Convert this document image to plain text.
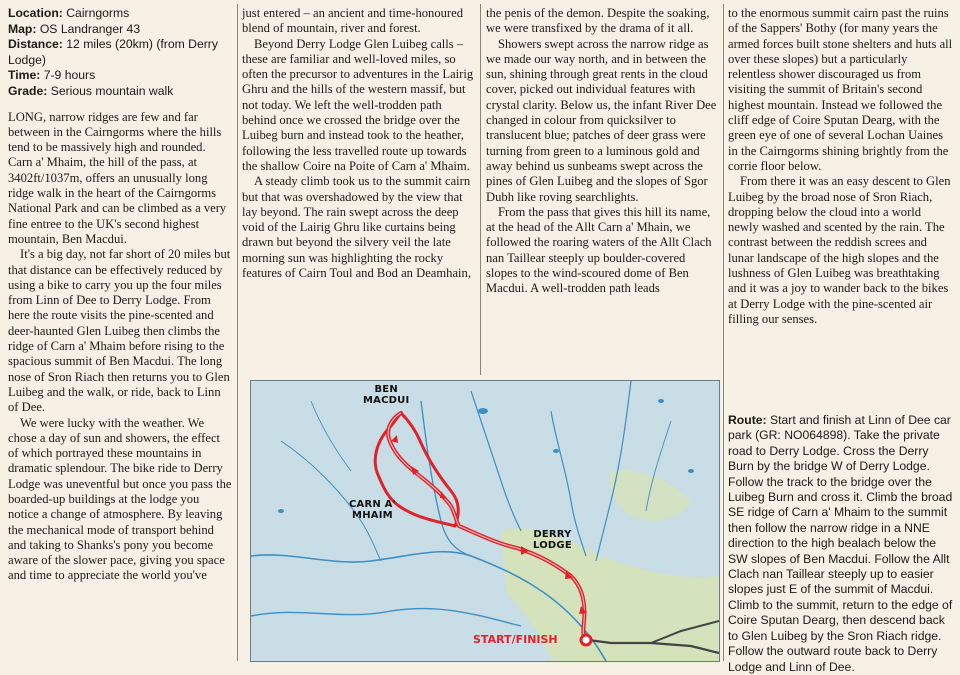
Location: Cairngorms
Map: OS Landranger 43
Distance: 12 miles (20km) (from Derry Lodge)
Time: 7-9 hours
Grade: Serious mountain walk

LONG, narrow ridges are few and far between in the Cairngorms where the hills tend to be massively high and rounded. Carn a' Mhaim, the hill of the pass, at 3402ft/1037m, offers an unusually long ridge walk in the heart of the Cairngorms National Park and can be climbed as a very fine entree to the UK's second highest mountain, Ben Macdui.

It's a big day, not far short of 20 miles but that distance can be effectively reduced by using a bike to carry you up the four miles from Linn of Dee to Derry Lodge. From here the route visits the pine-scented and deer-haunted Glen Luibeg then climbs the ridge of Carn a' Mhaim before rising to the spacious summit of Ben Macdui. The long nose of Sron Riach then returns you to Glen Luibeg and the walk, or ride, back to Linn of Dee.

We were lucky with the weather. We chose a day of sun and showers, the effect of which portrayed these mountains in dramatic splendour. The bike ride to Derry Lodge was uneventful but once you pass the boarded-up buildings at the lodge you notice a change of atmosphere. By leaving the mechanical mode of transport behind and taking to Shanks's pony you become aware of the slower pace, giving you space and time to appreciate the world you've

just entered – an ancient and time-honoured blend of mountain, river and forest.

Beyond Derry Lodge Glen Luibeg calls – these are familiar and well-loved miles, so often the precursor to adventures in the Lairig Ghru and the hills of the western massif, but not today. We left the well-trodden path behind once we crossed the bridge over the Luibeg burn and instead took to the heather, following the less travelled route up towards the shallow Coire na Poite of Carn a' Mhaim.

A steady climb took us to the summit cairn but that was overshadowed by the view that lay beyond. The rain swept across the deep void of the Lairig Ghru like curtains being drawn but beyond the silvery veil the late morning sun was highlighting the rocky features of Cairn Toul and Bod an Deamhain,

the penis of the demon. Despite the soaking, we were transfixed by the drama of it all.

Showers swept across the narrow ridge as we made our way north, and in between the sun, shining through great rents in the cloud cover, picked out individual features with crystal clarity. Below us, the infant River Dee changed in colour from quicksilver to translucent blue; patches of deer grass were turning from green to a luminous gold and away behind us sunbeams swept across the pines of Glen Luibeg and the slopes of Sgor Dubh like roving searchlights.

From the pass that gives this hill its name, at the head of the Allt Carn a' Mhain, we followed the roaring waters of the Allt Clach nan Taillear steeply up boulder-covered slopes to the wind-scoured dome of Ben Macdui. A well-trodden path leads

to the enormous summit cairn past the ruins of the Sappers' Bothy (for many years the armed forces built stone shelters and huts all over these slopes) but a particularly relentless shower discouraged us from visiting the summit of Britain's second highest mountain. Instead we followed the cliff edge of Coire Sputan Dearg, with the green eye of one of several Lochan Uaines in the Cairngorms shining brightly from the corrie floor below.

From there it was an easy descent to Glen Luibeg by the broad nose of Sron Riach, dropping below the cloud into a world newly washed and scented by the rain. The contrast between the reddish screes and lunar landscape of the high slopes and the lushness of Glen Luibeg was breathtaking and it was a joy to wander back to the bikes at Derry Lodge with the pine-scented air filling our senses.

Route: Start and finish at Linn of Dee car park (GR: NO064898). Take the private road to Derry Lodge. Cross the Derry Burn by the bridge W of Derry Lodge. Follow the track to the bridge over the Luibeg Burn and cross it. Climb the broad SE ridge of Carn a' Mhaim to the summit then follow the narrow ridge in a NNE direction to the high bealach below the SW slopes of Ben Macdui. Follow the Allt Clach nan Taillear steeply up to easier slopes just E of the summit of Macdui. Climb to the summit, return to the edge of Coire Sputan Dearg, then descend back to Glen Luibeg by the Sron Riach ridge. Follow the outward route back to Derry Lodge and Linn of Dee.
BEN
MACDUI
CARN A'
MHAIM
DERRY
LODGE
START/FINISH
